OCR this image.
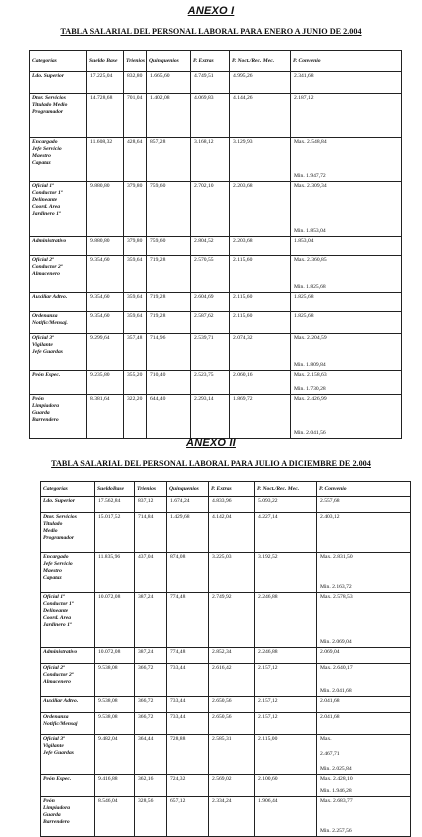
ANEXO I
TABLA SALARIAL DEL PERSONAL LABORAL PARA ENERO A JUNIO DE 2.004
Categorías	Sueldo Base	Trienios	Quinquenios	P. Extras	P. Noct./Rec. Mec.	P. Convenio

Ldo. Superior	17.225,04	832,80	1.665,60	4.749,51	4.995,26	2.341,68

Dtor. Servicios
Titulado Medio
Programador	14.728,68	701,04	1.402,08	4.069,83	4.144,26	2.187,12

Encargado
Jefe Servicio
Maestro
Capataz	11.608,32	428,64	857,28	3.168,12	3.129,93	Max. 2.548,84
Min. 1.947,72

Oficial 1ª
Conductor 1ª
Delineante
Coord. Area
Jardinero 1ª	9.880,80	379,80	759,60	2.702,10	2.203,68	Max. 2.309,34
Min. 1.853,04

Administrativo	9.880,80	379,80	759,60	2.804,52	2.203,68	1.853,04

Oficial 2ª
Conductor 2ª
Almacenero	9.354,60	359,64	719,28	2.570,55	2.115,60	Max. 2.360,85
Min. 1.825,68

Auxiliar Adtvo.	9.354,60	359,64	719,28	2.604,69	2.115,60	1.825,68

Ordenanza
Notific/Mensaj.	9.354,60	359,64	719,28	2.587,62	2.115,60	1.825,68

Oficial 3ª
Vigilante
Jefe Guardas	9.299,64	357,48	714,96	2.539,71	2.074,32	Max. 2.204,59
Min. 1.809,84

Peón Espec.	9.235,80	355,20	710,40	2.523,75	2.060,16	Max. 2.158,63
Min. 1.730,28

Peón
Limpiadora
Guarda
Barrendero	8.381,64	322,20	644,40	2.293,14	1.869,72	Max. 2.426,99
Min. 2.041,56
ANEXO II
TABLA SALARIAL DEL PERSONAL LABORAL PARA JULIO A DICIEMBRE DE 2.004
Categorías	SueldoBase	Trienios	Quinquenios	P. Extras	P. Noct./Rec. Mec.	P. Convenio

Ldo. Superior	17.562,84	837,12	1.674,24	4.833,96	5.093,22	2.557,68

Dtor. Servicios
Titulado
Medio
Programador	15.017,52	714,84	1.429,68	4.142,04	4.227,14	2.403,12

Encargado
Jefe Servicio
Maestro
Capataz	11.835,96	437,04	874,08	3.225,03	3.192,52	Max. 2.831,50
Min. 2.163,72

Oficial 1ª
Conductor 1ª
Delineante
Coord. Area
Jardinero 1ª	10.072,08	387,24	774,48	2.749,92	2.246,88	Max. 2.578,53
Min. 2.069,04

Administrativo	10.072,08	387,24	774,48	2.852,34	2.246,88	2.069,04

Oficial 2ª
Conductor 2ª
Almacenero	9.538,08	366,72	733,44	2.616,42	2.157,12	Max. 2.640,17
Min. 2.041,68

Auxiliar Adtvo.	9.538,08	366,72	733,44	2.650,56	2.157,12	2.041,68

Ordenanza
Notific/Mensaj	9.538,08	366,72	733,44	2.650,56	2.157,12	2.041,68

Oficial 3ª
Vigilante
Jefe Guardas	9.482,04	364,44	728,88	2.585,31	2.115,00	Max.
2.467,71
Min. 2.025,84

Peón Espec.	9.416,88	362,16	724,32	2.569,02	2.100,60	Max. 2.428,10
Min. 1.946,28

Peón
Limpiadora
Guarda
Barrendero	8.546,04	328,56	657,12	2.334,24	1.906,44	Max. 2.683,77
Min. 2.257,56
